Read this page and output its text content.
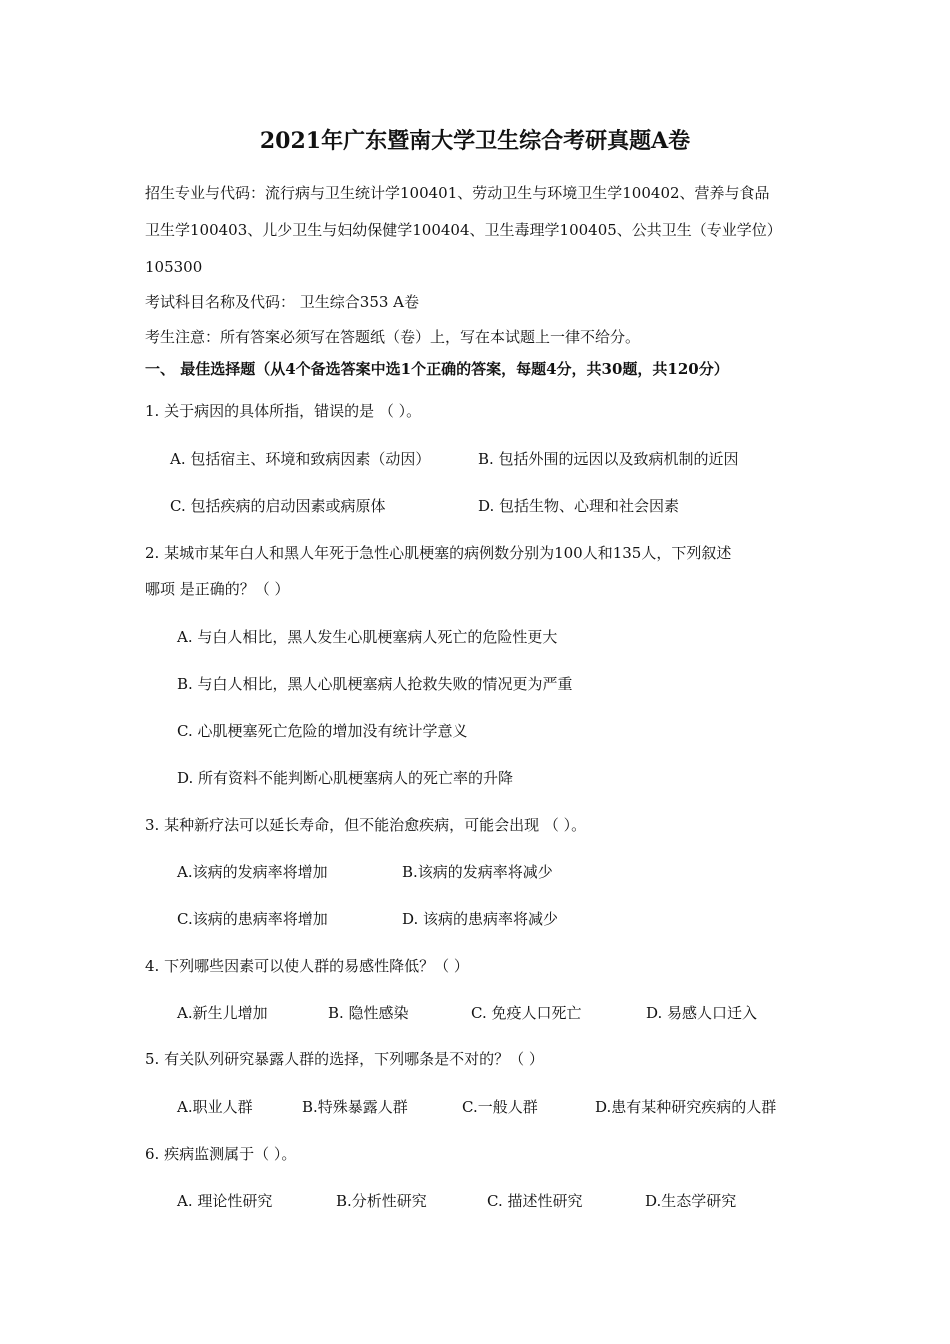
2021年广东暨南大学卫生综合考研真题A卷
招生专业与代码：流行病与卫生统计学100401、劳动卫生与环境卫生学100402、营养与食品
卫生学100403、儿少卫生与妇幼保健学100404、卫生毒理学100405、公共卫生（专业学位）
105300
考试科目名称及代码： 卫生综合353 A卷
考生注意：所有答案必须写在答题纸（卷）上，写在本试题上一律不给分。
一、 最佳选择题（从4个备选答案中选1个正确的答案，每题4分，共30题，共120分）
1. 关于病因的具体所指，错误的是 （ ）。
A. 包括宿主、环境和致病因素（动因）	B. 包括外围的远因以及致病机制的近因
C. 包括疾病的启动因素或病原体	D. 包括生物、心理和社会因素
2. 某城市某年白人和黑人年死于急性心肌梗塞的病例数分别为100人和135人，下列叙述
哪项 是正确的？（ ）
A. 与白人相比，黑人发生心肌梗塞病人死亡的危险性更大
B. 与白人相比，黑人心肌梗塞病人抢救失败的情况更为严重
C. 心肌梗塞死亡危险的增加没有统计学意义
D. 所有资料不能判断心肌梗塞病人的死亡率的升降
3. 某种新疗法可以延长寿命，但不能治愈疾病，可能会出现 （ ）。
A.该病的发病率将增加	B.该病的发病率将减少
C.该病的患病率将增加	D. 该病的患病率将减少
4. 下列哪些因素可以使人群的易感性降低？（ ）
A.新生儿增加	B. 隐性感染	C. 免疫人口死亡	D. 易感人口迁入
5. 有关队列研究暴露人群的选择，下列哪条是不对的？（ ）
A.职业人群	B.特殊暴露人群	C.一般人群	D.患有某种研究疾病的人群
6. 疾病监测属于（ ）。
A. 理论性研究	B.分析性研究	C. 描述性研究	D.生态学研究
